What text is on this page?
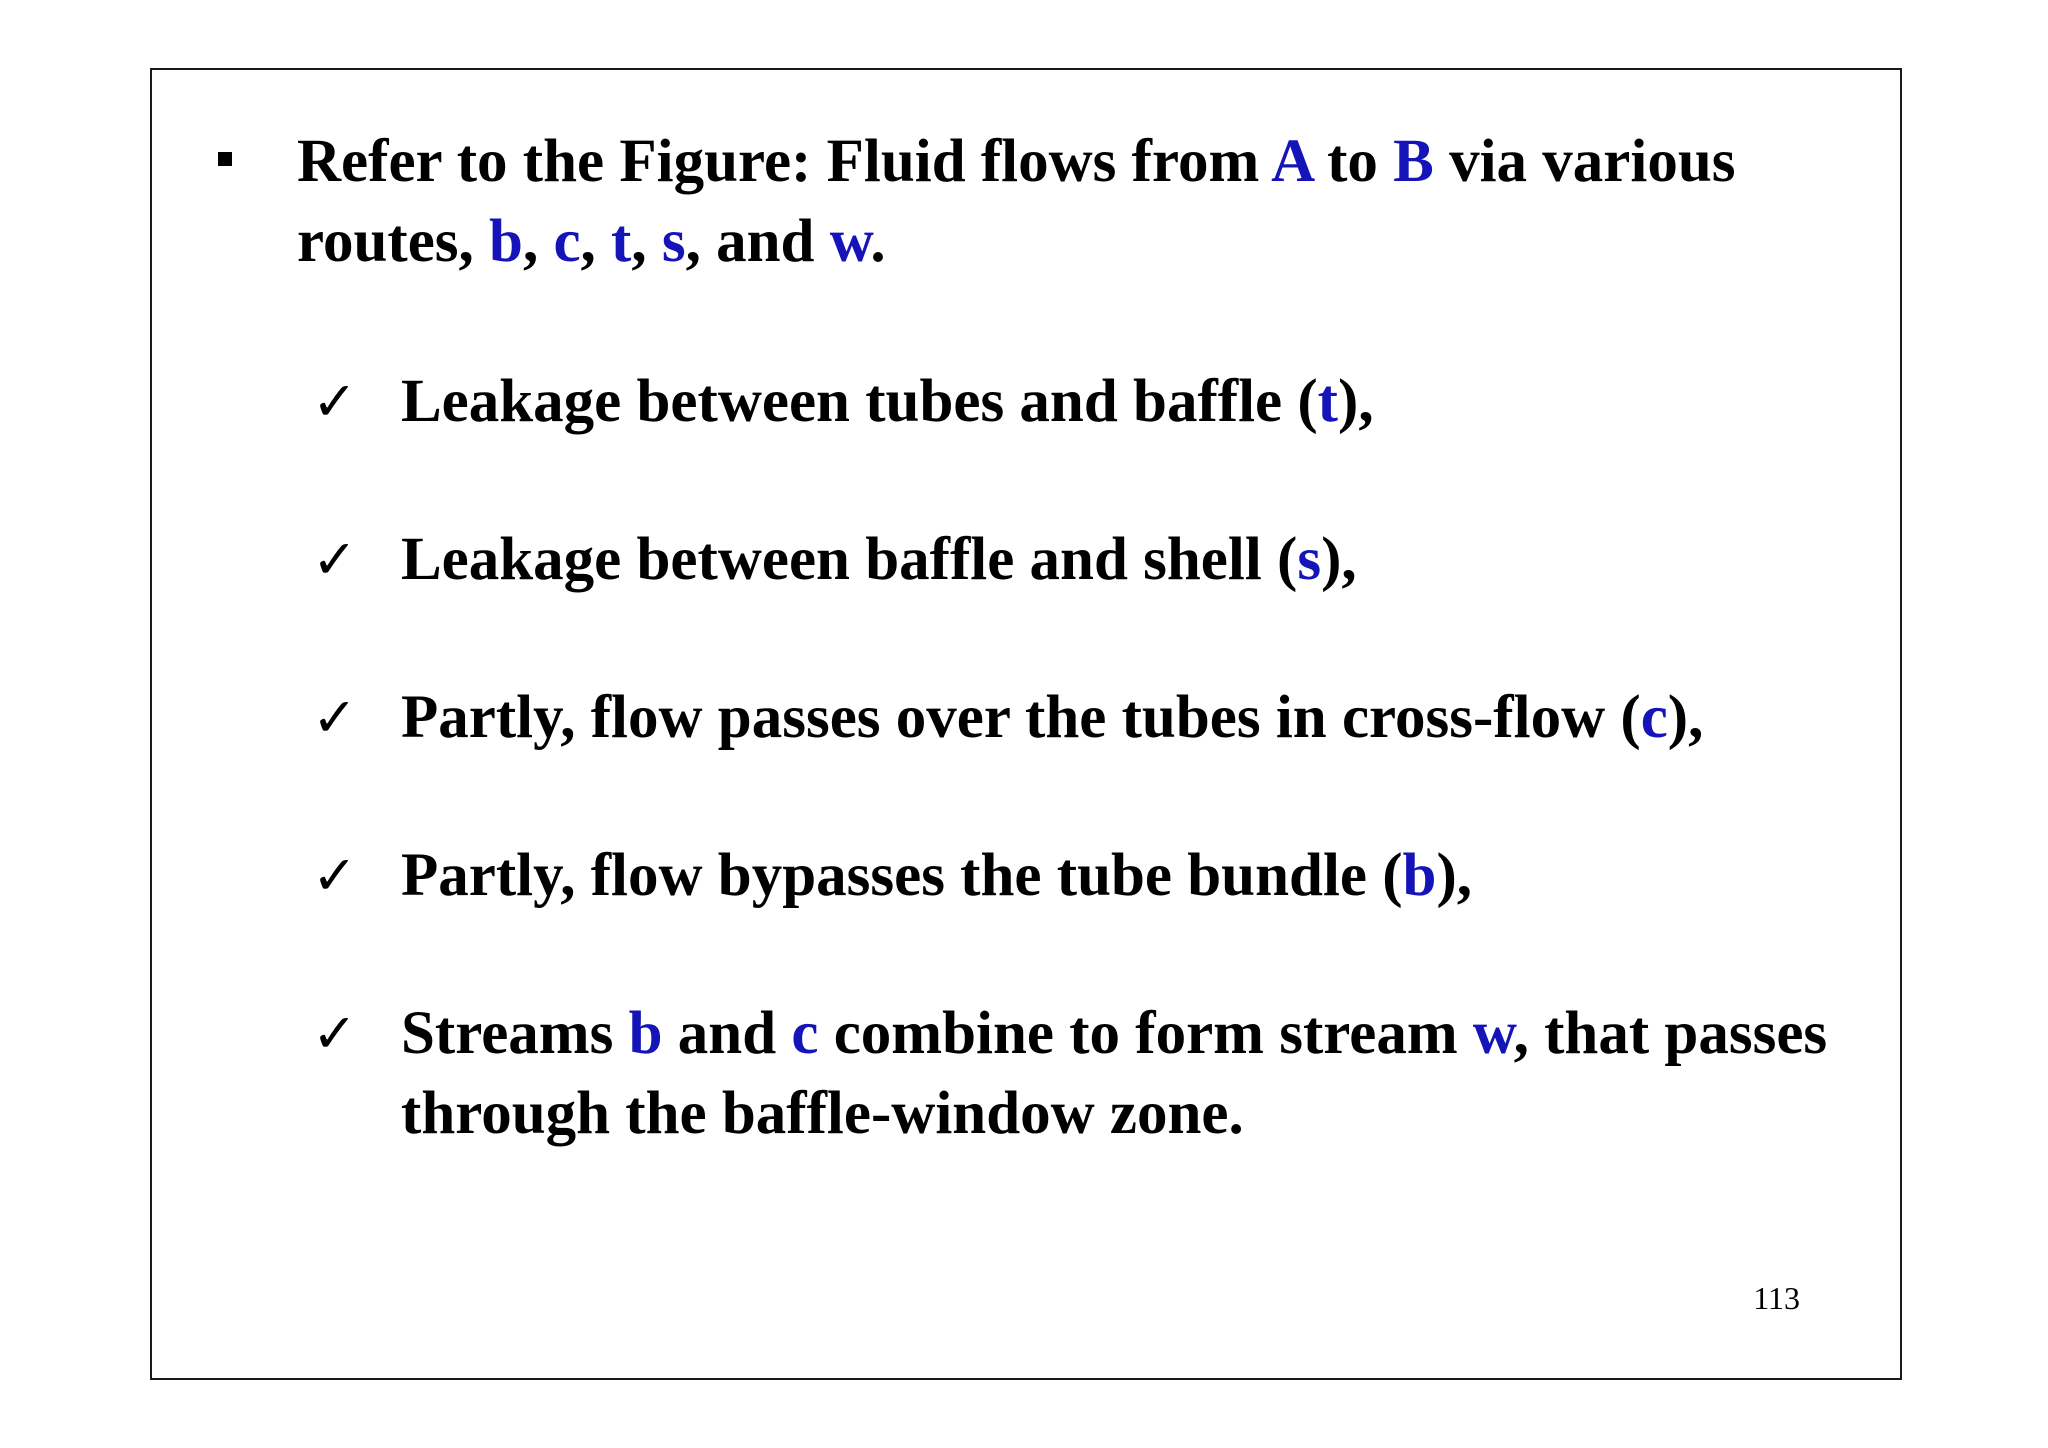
Refer to the Figure: Fluid flows from A to B via various routes, b, c, t, s, and w.

✓ Leakage between tubes and baffle (t),
✓ Leakage between baffle and shell (s),
✓ Partly, flow passes over the tubes in cross-flow (c),
✓ Partly, flow bypasses the tube bundle (b),
✓ Streams b and c combine to form stream w, that passes through the baffle-window zone.
113
